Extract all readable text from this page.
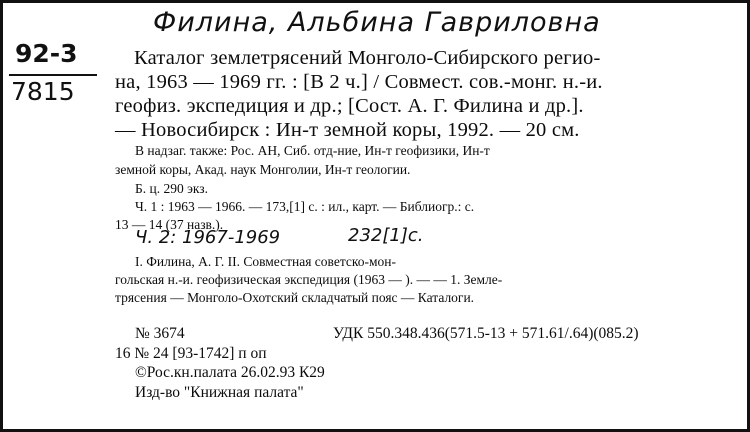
Филина, Альбина Гавриловна
92-3
7815
Каталог землетрясений Монголо-Сибирского регио-
на, 1963 — 1969 гг. : [В 2 ч.] / Совмест. сов.-монг. н.-и.
геофиз. экспедиция и др.; [Сост. А. Г. Филина и др.].
— Новосибирск : Ин-т земной коры, 1992. — 20 см.
В надзаг. также: Рос. АН, Сиб. отд-ние, Ин-т геофизики, Ин-т
земной коры, Акад. наук Монголии, Ин-т геологии.
Б. ц. 290 экз.
Ч. 1 : 1963 — 1966. — 173,[1] с. : ил., карт. — Библиогр.: с.
13 — 14 (37 назв.).
Ч. 2: 1967-1969	232[1]с.
I. Филина, А. Г. II. Совместная советско-мон-
гольская н.-и. геофизическая экспедиция (1963 — ). — — 1. Земле-
трясения — Монголо-Охотский складчатый пояс — Каталоги.
№ 3674	УДК 550.348.436(571.5-13 + 571.61/.64)(085.2)
16 № 24 [93-1742] п оп
©Рос.кн.палата 26.02.93 К29
Изд-во "Книжная палата"
